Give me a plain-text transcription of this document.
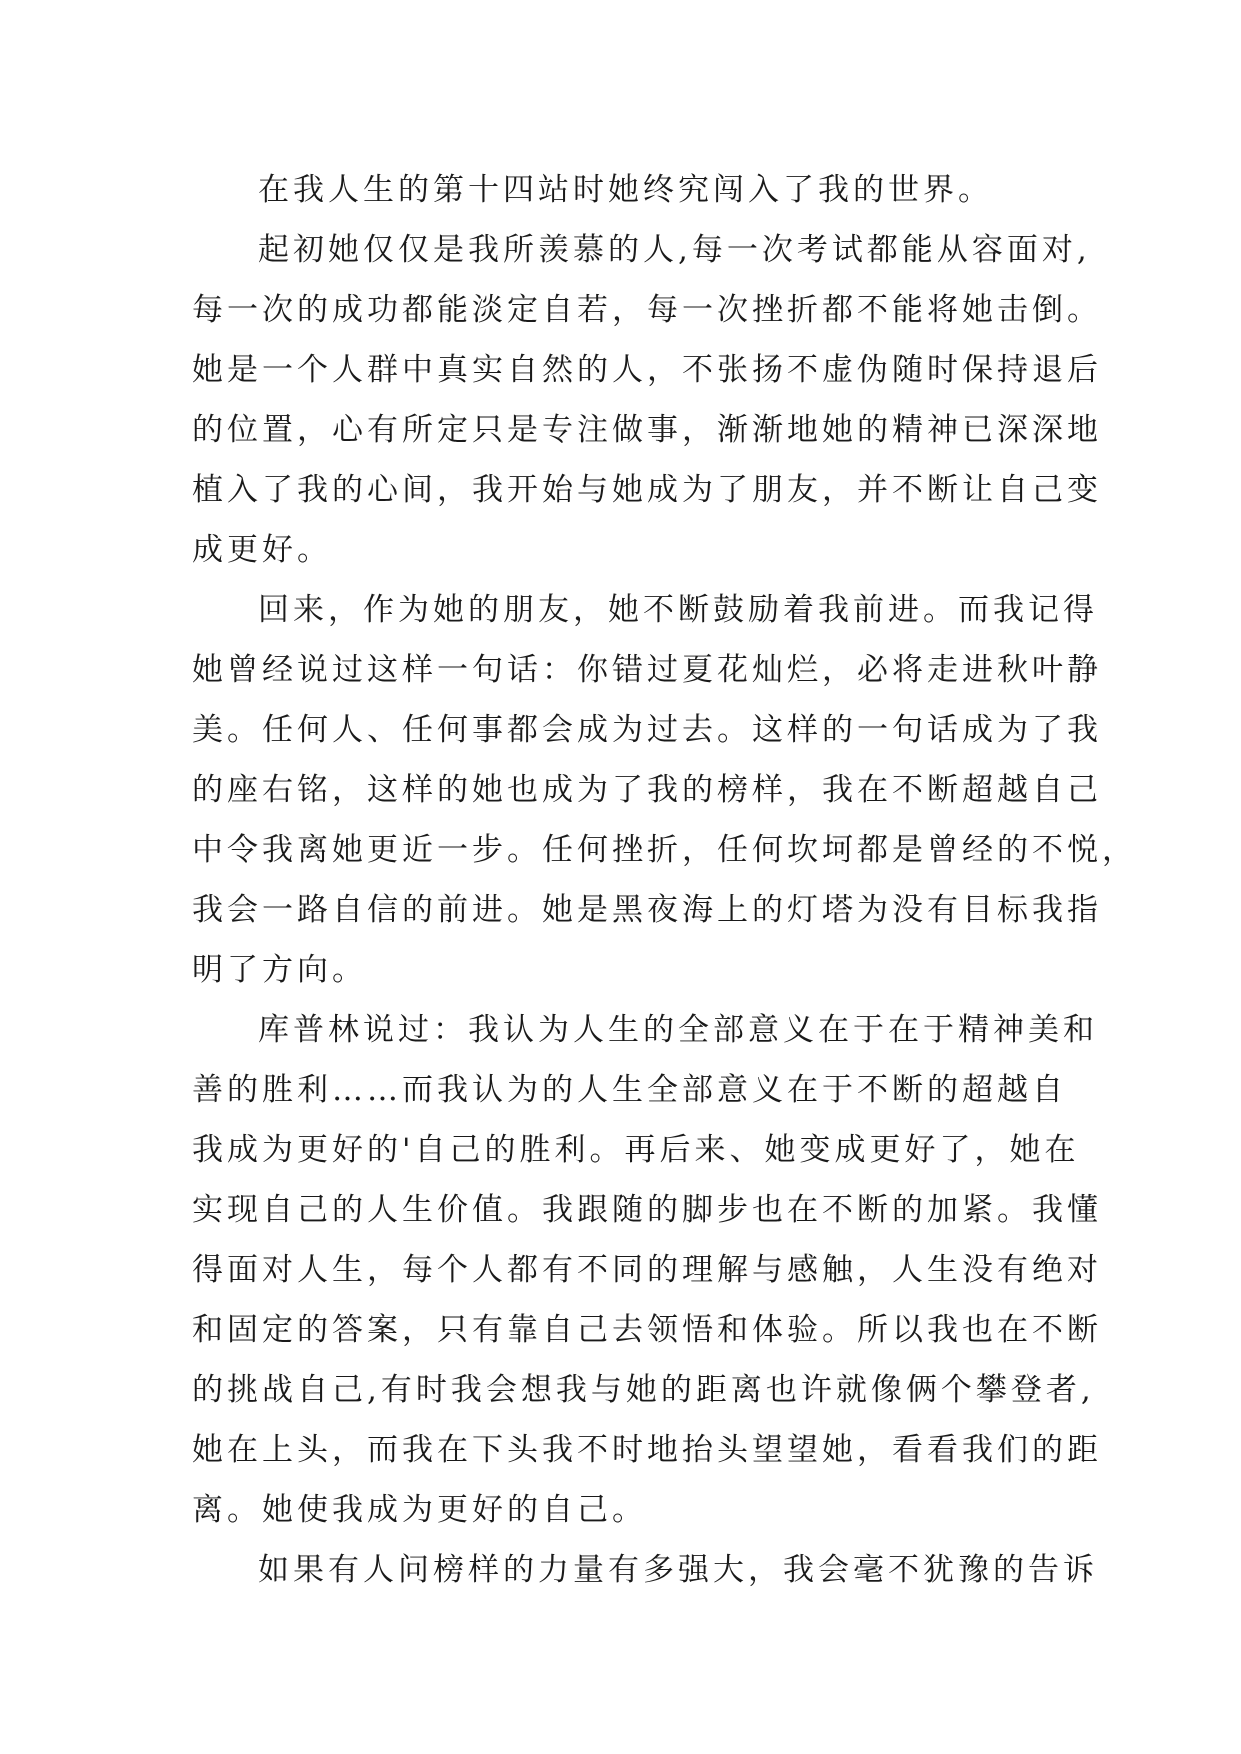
在我人生的第十四站时她终究闯入了我的世界。
起初她仅仅是我所羡慕的人,每一次考试都能从容面对,
每一次的成功都能淡定自若，每一次挫折都不能将她击倒。
她是一个人群中真实自然的人，不张扬不虚伪随时保持退后
的位置，心有所定只是专注做事，渐渐地她的精神已深深地
植入了我的心间，我开始与她成为了朋友，并不断让自己变
成更好。
回来，作为她的朋友，她不断鼓励着我前进。而我记得
她曾经说过这样一句话：你错过夏花灿烂，必将走进秋叶静
美。任何人、任何事都会成为过去。这样的一句话成为了我
的座右铭，这样的她也成为了我的榜样，我在不断超越自己
中令我离她更近一步。任何挫折，任何坎坷都是曾经的不悦，
我会一路自信的前进。她是黑夜海上的灯塔为没有目标我指
明了方向。
库普林说过：我认为人生的全部意义在于在于精神美和
善的胜利……而我认为的人生全部意义在于不断的超越自
我成为更好的'自己的胜利。再后来、她变成更好了，她在
实现自己的人生价值。我跟随的脚步也在不断的加紧。我懂
得面对人生，每个人都有不同的理解与感触，人生没有绝对
和固定的答案，只有靠自己去领悟和体验。所以我也在不断
的挑战自己,有时我会想我与她的距离也许就像俩个攀登者,
她在上头，而我在下头我不时地抬头望望她，看看我们的距
离。她使我成为更好的自己。
如果有人问榜样的力量有多强大，我会毫不犹豫的告诉
